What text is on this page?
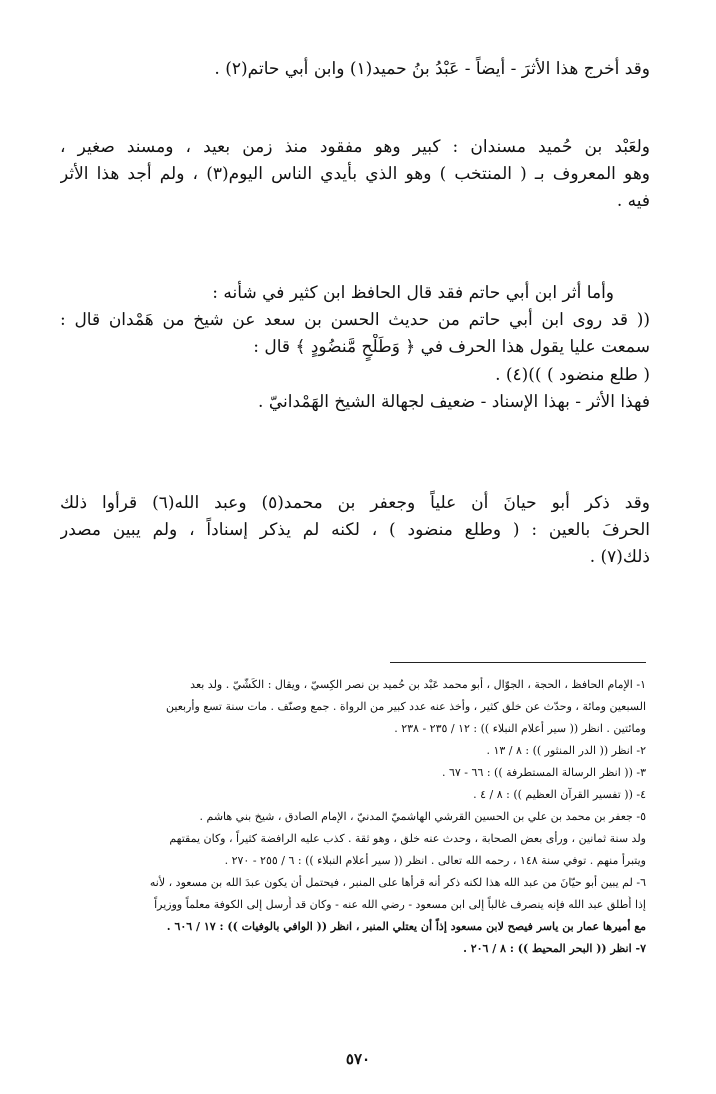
وقد أخرج هذا الأثرَ - أيضاً - عَبْدُ بنُ حميد(١) وابن أبي حاتم(٢) .
ولعَبْد بن حُميد مسندان : كبير وهو مفقود منذ زمن بعيد ، ومسند صغير ،
وهو المعروف بـ ( المنتخب ) وهو الذي بأيدي الناس اليوم(٣) ، ولم أجد هذا الأثر
فيه .
وأما أثر ابن أبي حاتم فقد قال الحافظ ابن كثير في شأنه :
(( قد روى ابن أبي حاتم من حديث الحسن بن سعد عن شيخ من هَمْدان قال :
سمعت عليا يقول هذا الحرف في ﴿ وَطَلْحٍ مَّنضُودٍ ﴾ قال :
( طلع منضود ) ))(٤) .
فهذا الأثر - بهذا الإسناد - ضعيف لجهالة الشيخ الهَمْدانيّ .
وقد ذكر أبو حيانَ أن علياً وجعفر بن محمد(٥) وعبد الله(٦) قرأوا ذلك
الحرفَ بالعين : ( وطلع منضود ) ، لكنه لم يذكر إسناداً ، ولم يبين مصدر
ذلك(٧) .
١- الإمام الحافظ ، الحجة ، الجوّال ، أبو محمد عَبْد بن حُميد بن نصر الكِسيّ ، ويقال : الكَشّيّ . ولد بعد
السبعين ومائة ، وحدّث عن خلق كثير ، وأخذ عنه عدد كبير من الرواة . جمع وصنّف . مات سنة تسع وأربعين
ومائتين . انظر (( سير أعلام النبلاء )) : ١٢ / ٢٣٥ - ٢٣٨ .
٢- انظر (( الدر المنثور )) : ٨ / ١٣ .
٣- (( انظر الرسالة المستطرفة )) : ٦٦ - ٦٧ .
٤- (( تفسير القرآن العظيم )) : ٨ / ٤ .
٥- جعفر بن محمد بن علي بن الحسين القرشي الهاشميّ المدنيّ ، الإمام الصادق ، شيخ بني هاشم .
ولد سنة ثمانين ، ورأى بعض الصحابة ، وحدث عنه خلق ، وهو ثقة . كذب عليه الرافضة كثيراً ، وكان يمقتهم
ويتبرأ منهم . توفي سنة ١٤٨ ، رحمه الله تعالى . انظر (( سير أعلام النبلاء )) : ٦ / ٢٥٥ - ٢٧٠ .
٦- لم يبين أبو حيّانَ من عبد الله هذا لكنه ذكر أنه قرأها على المنبر ، فيحتمل أن يكون عبدَ الله بن مسعود ، لأنه
إذا أُطلق عبد الله فإنه ينصرف غالباً إلى ابن مسعود - رضي الله عنه - وكان قد أُرسل إلى الكوفة معلماً ووزيراً
مع أميرها عمار بن ياسر فيصح لابن مسعود إذاً أن يعتلي المنبر ، انظر (( الوافي بالوفيات )) : ١٧ / ٦٠٦ .
٧- انظر (( البحر المحيط )) : ٨ / ٢٠٦ .
٥٧٠
